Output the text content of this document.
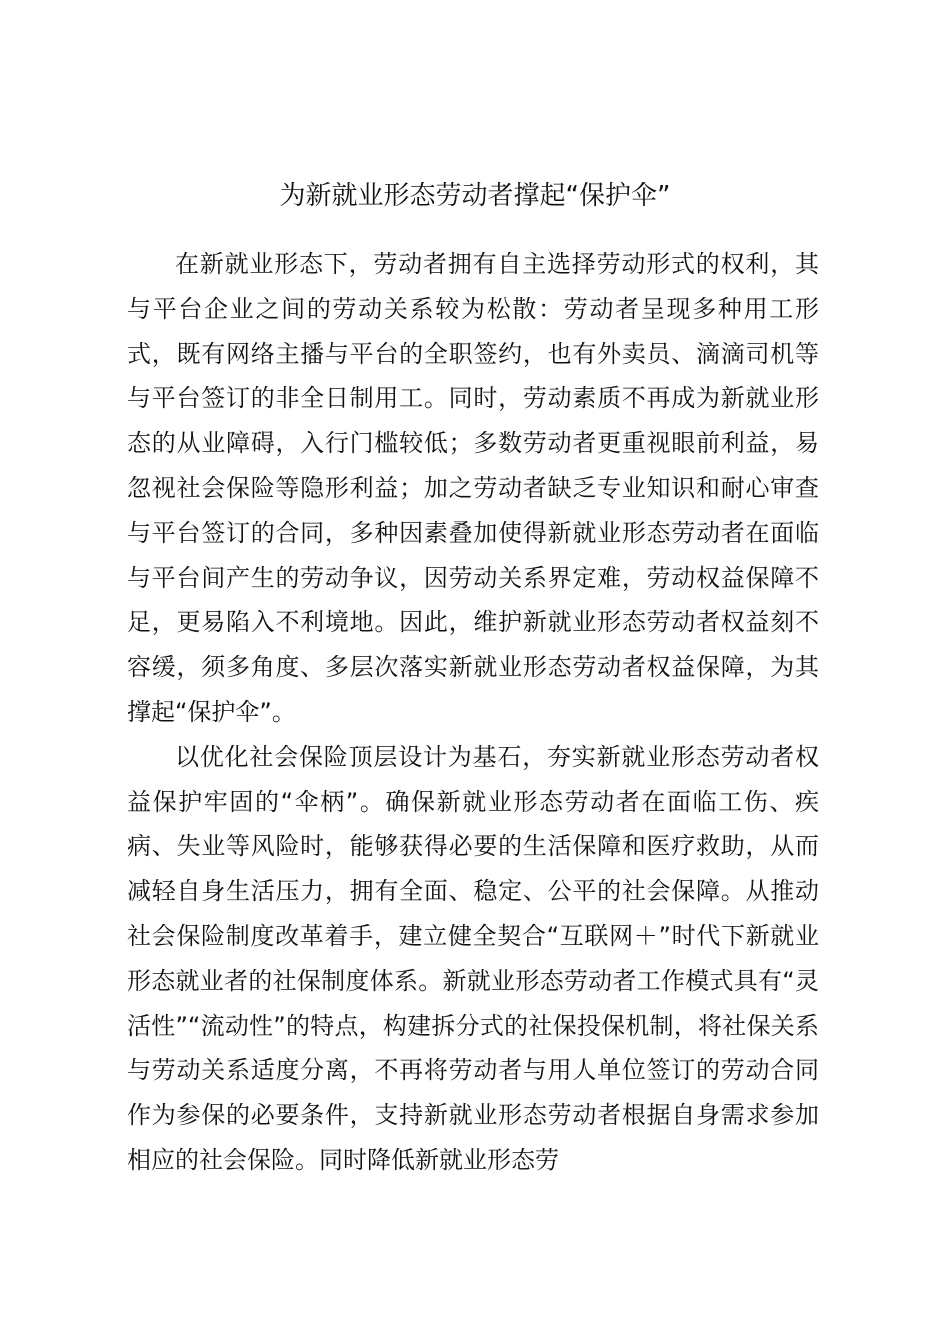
为新就业形态劳动者撑起“保护伞”

在新就业形态下，劳动者拥有自主选择劳动形式的权利，其与平台企业之间的劳动关系较为松散：劳动者呈现多种用工形式，既有网络主播与平台的全职签约，也有外卖员、滴滴司机等与平台签订的非全日制用工。同时，劳动素质不再成为新就业形态的从业障碍，入行门槛较低；多数劳动者更重视眼前利益，易忽视社会保险等隐形利益；加之劳动者缺乏专业知识和耐心审查与平台签订的合同，多种因素叠加使得新就业形态劳动者在面临与平台间产生的劳动争议，因劳动关系界定难，劳动权益保障不足，更易陷入不利境地。因此，维护新就业形态劳动者权益刻不容缓，须多角度、多层次落实新就业形态劳动者权益保障，为其撑起“保护伞”。

以优化社会保险顶层设计为基石，夯实新就业形态劳动者权益保护牢固的“伞柄”。确保新就业形态劳动者在面临工伤、疾病、失业等风险时，能够获得必要的生活保障和医疗救助，从而减轻自身生活压力，拥有全面、稳定、公平的社会保障。从推动社会保险制度改革着手，建立健全契合“互联网＋”时代下新就业形态就业者的社保制度体系。新就业形态劳动者工作模式具有“灵活性”“流动性”的特点，构建拆分式的社保投保机制，将社保关系与劳动关系适度分离，不再将劳动者与用人单位签订的劳动合同作为参保的必要条件，支持新就业形态劳动者根据自身需求参加相应的社会保险。同时降低新就业形态劳
